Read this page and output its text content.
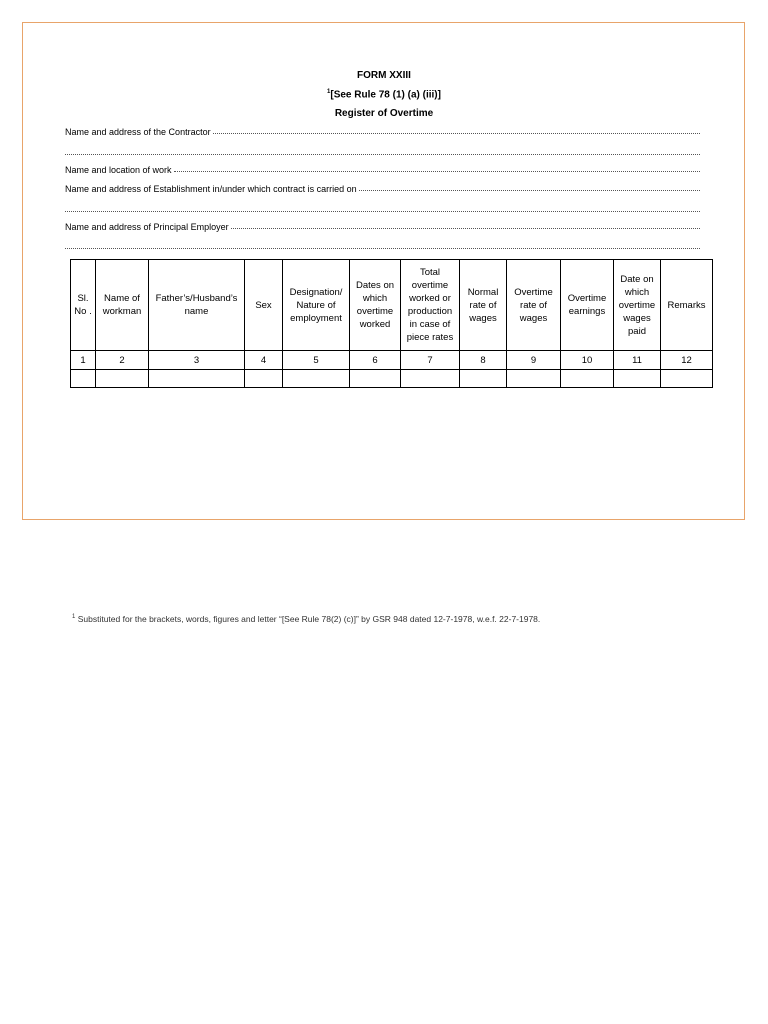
FORM XXIII
$^1$[See Rule 78 (1) (a) (iii)]
Register of Overtime
Name and address of the Contractor
Name and location of work
Name and address of Establishment in/under which contract is carried on
Name and address of Principal Employer
Sl. No .	Name of workman	Father’s/Husband’s name	Sex	Designation/ Nature of employment	Dates on which overtime worked	Total overtime worked or production in case of piece rates	Normal rate of wages	Overtime rate of wages	Overtime earnings	Date on which overtime wages paid	Remarks
1	2	3	4	5	6	7	8	9	10	11	12

$^1$ Substituted for the brackets, words, figures and letter “[See Rule 78(2) (c)]” by GSR 948 dated 12-7-1978, w.e.f. 22-7-1978.
